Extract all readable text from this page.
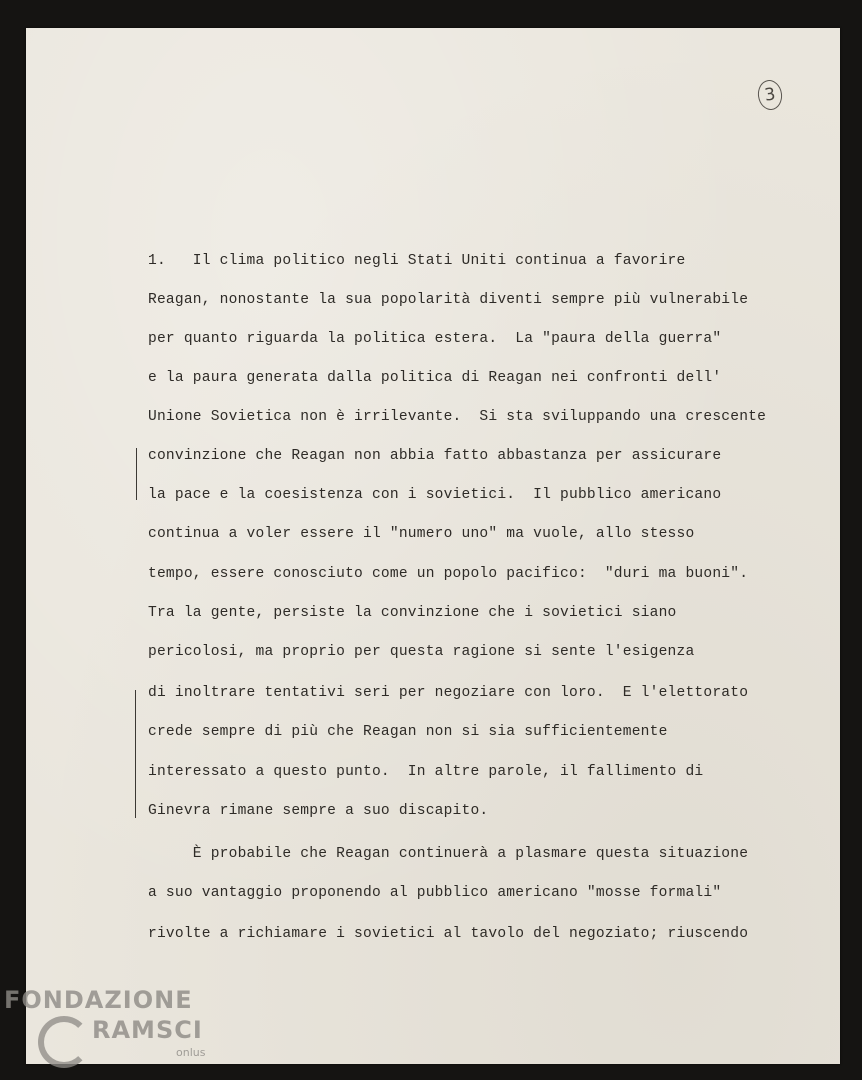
3
1.   Il clima politico negli Stati Uniti continua a favorire
Reagan, nonostante la sua popolarità diventi sempre più vulnerabile
per quanto riguarda la politica estera.  La "paura della guerra"
e la paura generata dalla politica di Reagan nei confronti dell'
Unione Sovietica non è irrilevante.  Si sta sviluppando una crescente
convinzione che Reagan non abbia fatto abbastanza per assicurare
la pace e la coesistenza con i sovietici.  Il pubblico americano
continua a voler essere il "numero uno" ma vuole, allo stesso
tempo, essere conosciuto come un popolo pacifico:  "duri ma buoni".
Tra la gente, persiste la convinzione che i sovietici siano
pericolosi, ma proprio per questa ragione si sente l'esigenza
di inoltrare tentativi seri per negoziare con loro.  E l'elettorato
crede sempre di più che Reagan non si sia sufficientemente
interessato a questo punto.  In altre parole, il fallimento di
Ginevra rimane sempre a suo discapito.
È probabile che Reagan continuerà a plasmare questa situazione
a suo vantaggio proponendo al pubblico americano "mosse formali"
rivolte a richiamare i sovietici al tavolo del negoziato; riuscendo
FONDAZIONE
RAMSCI
onlus
